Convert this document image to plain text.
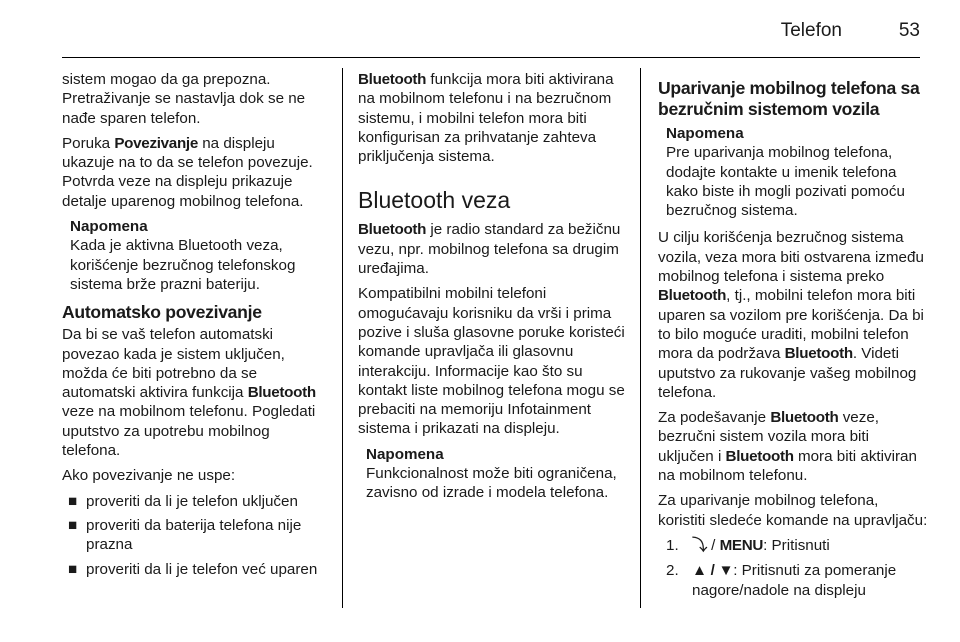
Telefon	53

sistem mogao da ga prepozna. Pretraživanje se nastavlja dok se ne nađe sparen telefon.

Poruka Povezivanje na displeju ukazuje na to da se telefon povezuje. Potvrda veze na displeju prikazuje detalje uparenog mobilnog telefona.

Napomena
Kada je aktivna Bluetooth veza, korišćenje bezručnog telefonskog sistema brže prazni bateriju.
Automatsko povezivanje

Da bi se vaš telefon automatski povezao kada je sistem uključen, možda će biti potrebno da se automatski aktivira funkcija Bluetooth veze na mobilnom telefonu. Pogledati uputstvo za upotrebu mobilnog telefona.

Ako povezivanje ne uspe:

■ proveriti da li je telefon uključen
■ proveriti da baterija telefona nije prazna
■ proveriti da li je telefon već uparen

Bluetooth funkcija mora biti aktivirana na mobilnom telefonu i na bezručnom sistemu, i mobilni telefon mora biti konfigurisan za prihvatanje zahteva priključenja sistema.

Bluetooth veza

Bluetooth je radio standard za bežičnu vezu, npr. mobilnog telefona sa drugim uređajima.

Kompatibilni mobilni telefoni omogućavaju korisniku da vrši i prima pozive i sluša glasovne poruke koristeći komande upravljača ili glasovnu interakciju. Informacije kao što su kontakt liste mobilnog telefona mogu se prebaciti na memoriju Infotainment sistema i prikazati na displeju.

Napomena
Funkcionalnost može biti ograničena, zavisno od izrade i modela telefona.
Uparivanje mobilnog telefona sa bezručnim sistemom vozila
Napomena
Pre uparivanja mobilnog telefona, dodajte kontakte u imenik telefona kako biste ih mogli pozivati pomoću bezručnog sistema.

U cilju korišćenja bezručnog sistema vozila, veza mora biti ostvarena između mobilnog telefona i sistema preko Bluetooth, tj., mobilni telefon mora biti uparen sa vozilom pre korišćenja. Da bi to bilo moguće uraditi, mobilni telefon mora da podržava Bluetooth. Videti uputstvo za rukovanje vašeg mobilnog telefona.

Za podešavanje Bluetooth veze, bezručni sistem vozila mora biti uključen i Bluetooth mora biti aktiviran na mobilnom telefonu.

Za uparivanje mobilnog telefona, koristiti sledeće komande na upravljaču:

1. ⤵ / MENU: Pritisnuti
2. ▲ / ▼: Pritisnuti za pomeranje nagore/nadole na displeju
